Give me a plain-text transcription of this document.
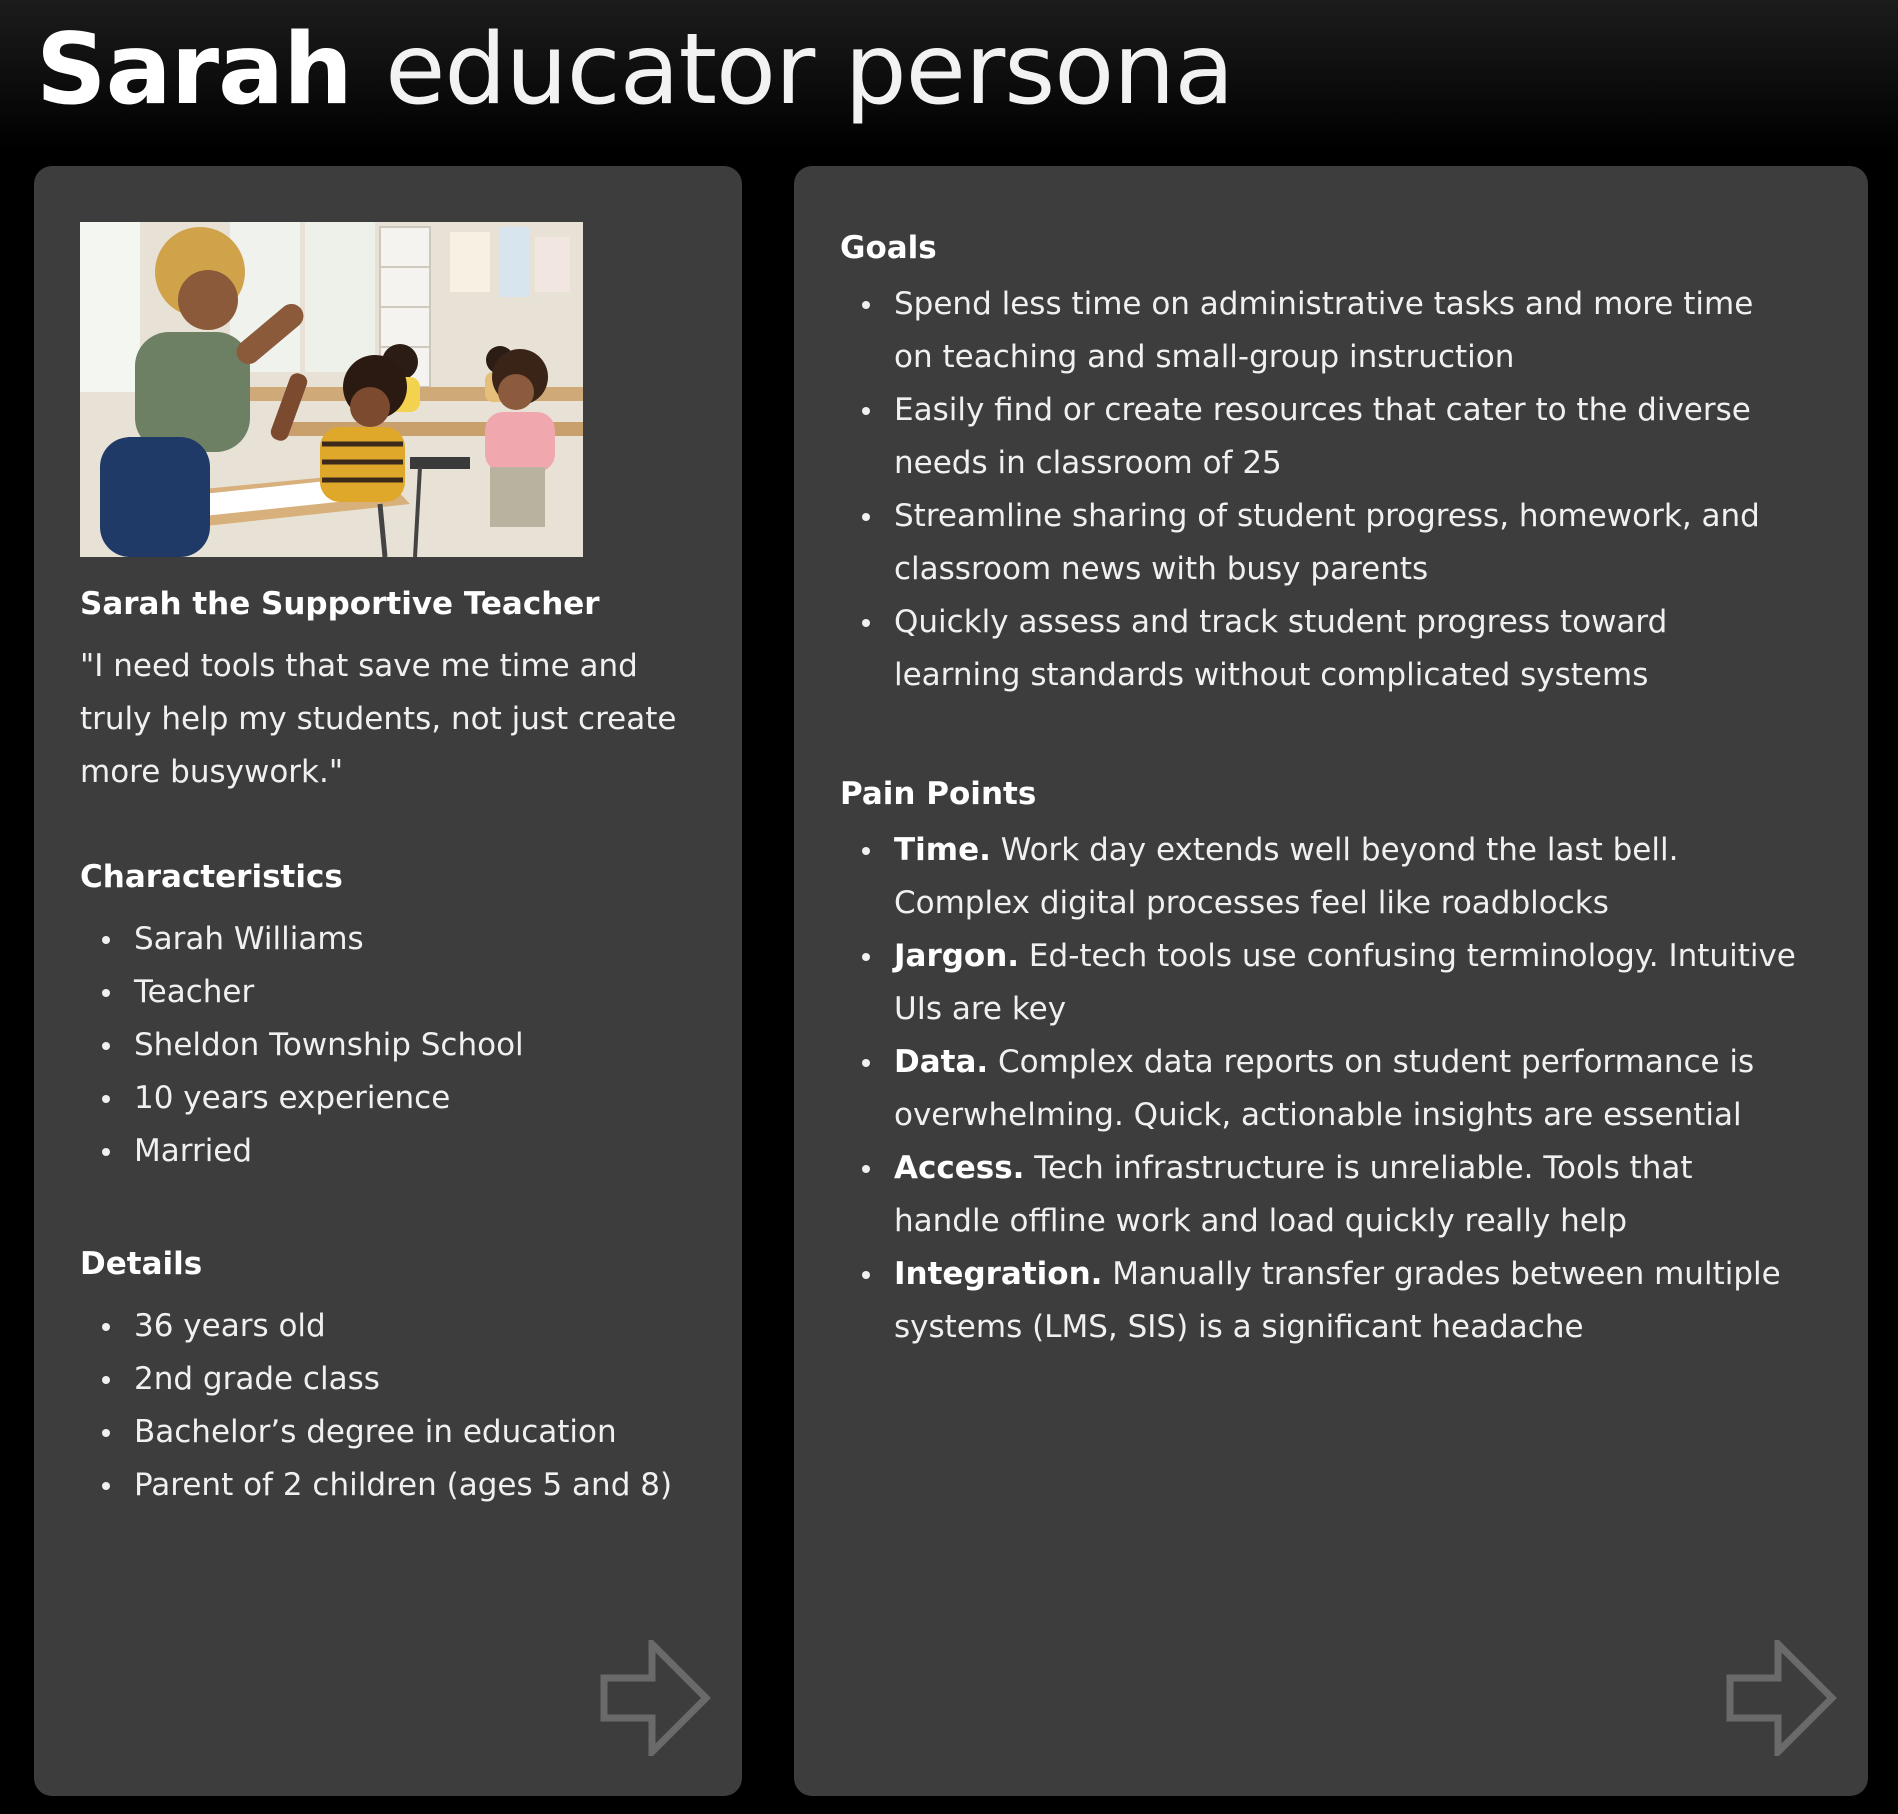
Sarah educator persona
Sarah the Supportive Teacher

"I need tools that save me time and truly help my students, not just create more busywork."

Characteristics
Sarah Williams
Teacher
Sheldon Township School
10 years experience
Married
Details
36 years old
2nd grade class
Bachelor’s degree in education
Parent of 2 children (ages 5 and 8)
Goals
Spend less time on administrative tasks and more time on teaching and small-group instruction
Easily find or create resources that cater to the diverse needs in classroom of 25
Streamline sharing of student progress, homework, and classroom news with busy parents
Quickly assess and track student progress toward learning standards without complicated systems
Pain Points
Time. Work day extends well beyond the last bell. Complex digital processes feel like roadblocks
Jargon. Ed-tech tools use confusing terminology. Intuitive UIs are key
Data. Complex data reports on student performance is overwhelming. Quick, actionable insights are essential
Access. Tech infrastructure is unreliable. Tools that handle offline work and load quickly really help
Integration. Manually transfer grades between multiple systems (LMS, SIS) is a significant headache
